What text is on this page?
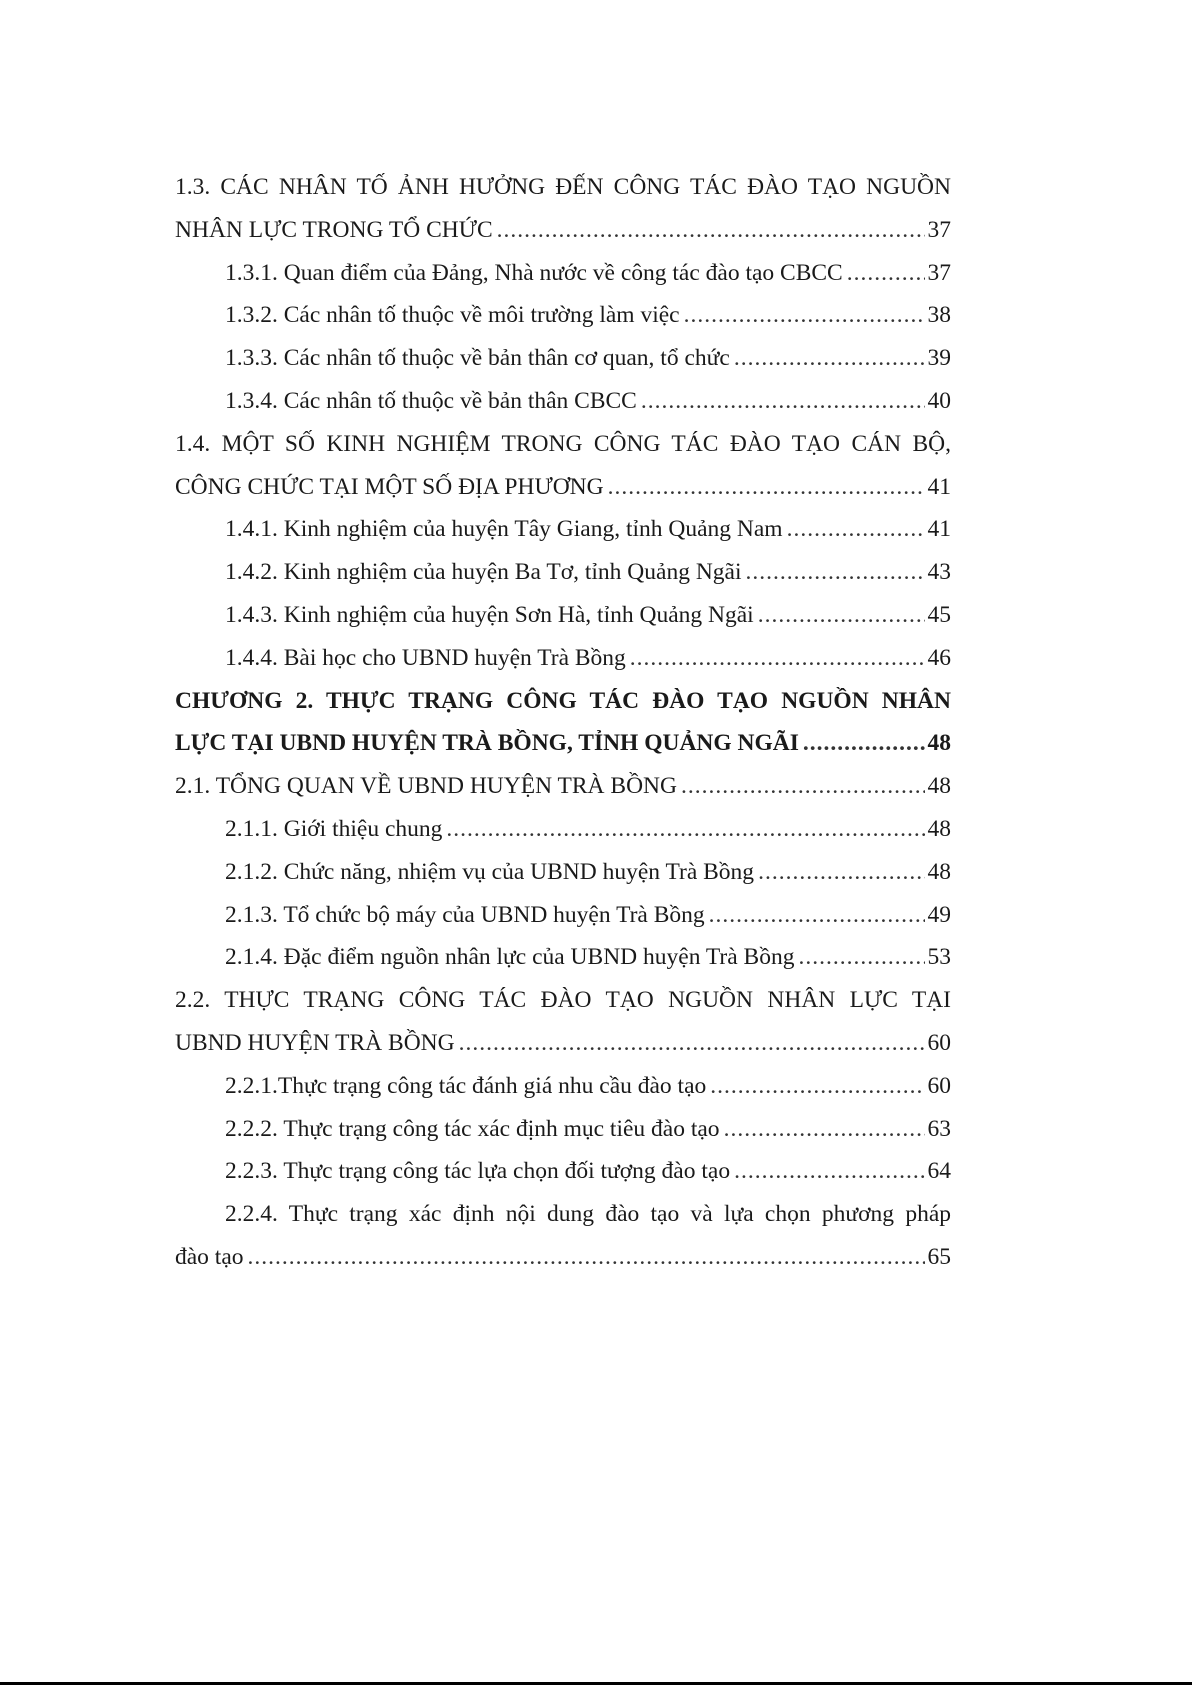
1.3. CÁC NHÂN TỐ ẢNH HƯỞNG ĐẾN CÔNG TÁC ĐÀO TẠO NGUỒN
NHÂN LỰC TRONG TỔ CHỨC .....	37
1.3.1. Quan điểm của Đảng, Nhà nước về công tác đào tạo CBCC .....	37
1.3.2. Các nhân tố thuộc về môi trường làm việc .....	38
1.3.3. Các nhân tố thuộc về bản thân cơ quan, tổ chức .....	39
1.3.4. Các nhân tố thuộc về bản thân CBCC .....	40
1.4. MỘT SỐ KINH NGHIỆM TRONG CÔNG TÁC ĐÀO TẠO CÁN BỘ,
CÔNG CHỨC TẠI MỘT SỐ ĐỊA PHƯƠNG .....	41
1.4.1. Kinh nghiệm của huyện Tây Giang, tỉnh Quảng Nam .....	41
1.4.2. Kinh nghiệm của huyện Ba Tơ, tỉnh Quảng Ngãi .....	43
1.4.3. Kinh nghiệm của huyện Sơn Hà, tỉnh Quảng Ngãi .....	45
1.4.4. Bài học cho UBND huyện Trà Bồng .....	46
CHƯƠNG 2. THỰC TRẠNG CÔNG TÁC ĐÀO TẠO NGUỒN NHÂN
LỰC TẠI UBND HUYỆN TRÀ BỒNG, TỈNH QUẢNG NGÃI .....	48
2.1. TỔNG QUAN VỀ UBND HUYỆN TRÀ BỒNG .....	48
2.1.1. Giới thiệu chung .....	48
2.1.2. Chức năng, nhiệm vụ của UBND huyện Trà Bồng .....	48
2.1.3. Tổ chức bộ máy của UBND huyện Trà Bồng .....	49
2.1.4. Đặc điểm nguồn nhân lực của UBND huyện Trà Bồng .....	53
2.2. THỰC TRẠNG CÔNG TÁC ĐÀO TẠO NGUỒN NHÂN LỰC TẠI
UBND HUYỆN TRÀ BỒNG .....	60
2.2.1.Thực trạng công tác đánh giá nhu cầu đào tạo .....	60
2.2.2. Thực trạng công tác xác định mục tiêu đào tạo .....	63
2.2.3. Thực trạng công tác lựa chọn đối tượng đào tạo .....	64
2.2.4. Thực trạng xác định nội dung đào tạo và lựa chọn phương pháp
đào tạo .....	65
